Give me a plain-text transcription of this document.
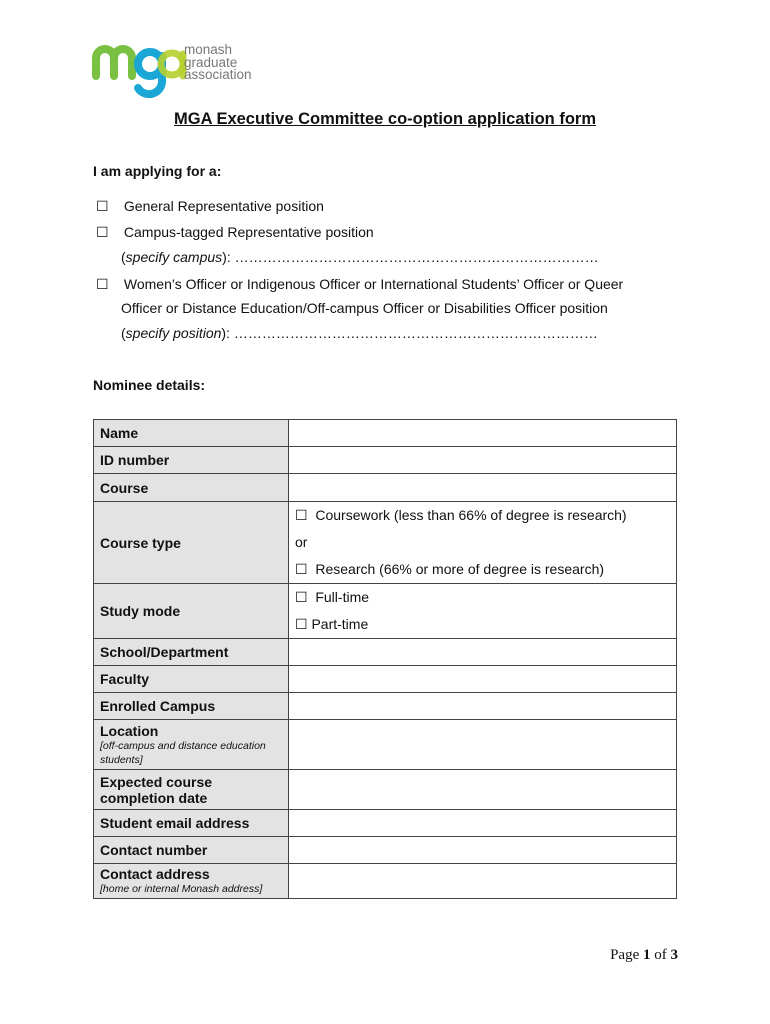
monash
graduate
association
MGA Executive Committee co-option application form
I am applying for a:
☐ General Representative position
☐ Campus-tagged Representative position
(specify campus): ……………………………………………………………………
☐ Women’s Officer or Indigenous Officer or International Students’ Officer or Queer
Officer or Distance Education/Off-campus Officer or Disabilities Officer position
(specify position): ……………………………………………………………………
Nominee details:
Name	
ID number	
Course	
Course type	☐ Coursework (less than 66% of degree is research)
or
☐ Research (66% or more of degree is research)

Study mode	☐ Full-time
☐ Part-time

School/Department	
Faculty	
Enrolled Campus	
Location
[off-campus and distance education students]	

Expected course completion date	
Student email address	
Contact number	
Contact address
[home or internal Monash address]	

Page 1 of 3
